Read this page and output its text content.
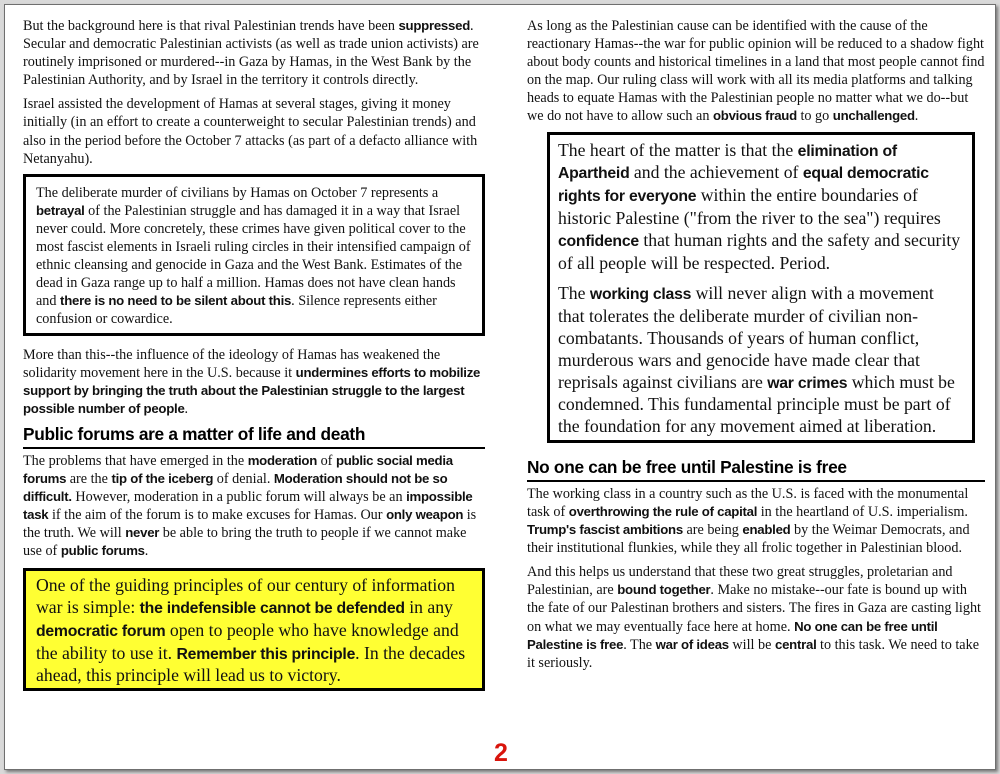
But the background here is that rival Palestinian trends have been suppressed. Secular and democratic Palestinian activists (as well as trade union activists) are routinely imprisoned or murdered--in Gaza by Hamas, in the West Bank by the Palestinian Authority, and by Israel in the territory it controls directly.

Israel assisted the development of Hamas at several stages, giving it money initially (in an effort to create a counterweight to secular Palestinian trends) and also in the period before the October 7 attacks (as part of a defacto alliance with Netanyahu).

The deliberate murder of civilians by Hamas on October 7 represents a betrayal of the Palestinian struggle and has damaged it in a way that Israel never could. More concretely, these crimes have given political cover to the most fascist elements in Israeli ruling circles in their intensified campaign of ethnic cleansing and genocide in Gaza and the West Bank. Estimates of the dead in Gaza range up to half a million. Hamas does not have clean hands and there is no need to be silent about this. Silence represents either confusion or cowardice.

More than this--the influence of the ideology of Hamas has weakened the solidarity movement here in the U.S. because it undermines efforts to mobilize support by bringing the truth about the Palestinian struggle to the largest possible number of people.

Public forums are a matter of life and death

The problems that have emerged in the moderation of public social media forums are the tip of the iceberg of denial. Moderation should not be so difficult. However, moderation in a public forum will always be an impossible task if the aim of the forum is to make excuses for Hamas. Our only weapon is the truth. We will never be able to bring the truth to people if we cannot make use of public forums.

One of the guiding principles of our century of information war is simple: the indefensible cannot be defended in any democratic forum open to people who have knowledge and the ability to use it. Remember this principle. In the decades ahead, this principle will lead us to victory.

As long as the Palestinian cause can be identified with the cause of the reactionary Hamas--the war for public opinion will be reduced to a shadow fight about body counts and historical timelines in a land that most people cannot find on the map. Our ruling class will work with all its media platforms and talking heads to equate Hamas with the Palestinian people no matter what we do--but we do not have to allow such an obvious fraud to go unchallenged.

The heart of the matter is that the elimination of Apartheid and the achievement of equal democratic rights for everyone within the entire boundaries of historic Palestine ("from the river to the sea") requires confidence that human rights and the safety and security of all people will be respected. Period.

The working class will never align with a movement that tolerates the deliberate murder of civilian non-combatants. Thousands of years of human conflict, murderous wars and genocide have made clear that reprisals against civilians are war crimes which must be condemned. This fundamental principle must be part of the foundation for any movement aimed at liberation.

No one can be free until Palestine is free

The working class in a country such as the U.S. is faced with the monumental task of overthrowing the rule of capital in the heartland of U.S. imperialism. Trump's fascist ambitions are being enabled by the Weimar Democrats, and their institutional flunkies, while they all frolic together in Palestinian blood.

And this helps us understand that these two great struggles, proletarian and Palestinian, are bound together. Make no mistake--our fate is bound up with the fate of our Palestinan brothers and sisters. The fires in Gaza are casting light on what we may eventually face here at home. No one can be free until Palestine is free. The war of ideas will be central to this task. We need to take it seriously.

2
